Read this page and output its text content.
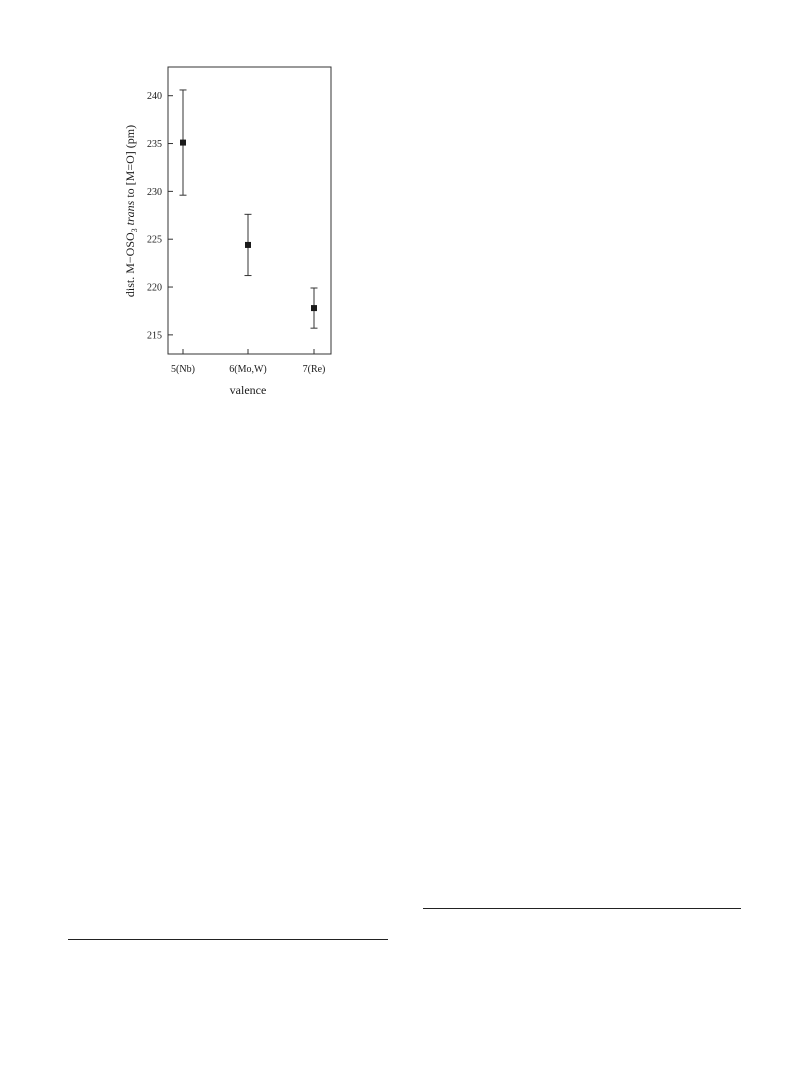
215
220
225
230
235
240
5(Nb)	6(Mo,W)	7(Re)
valence
dist. $M-OSO_3$ trans to [M=O] (pm)
